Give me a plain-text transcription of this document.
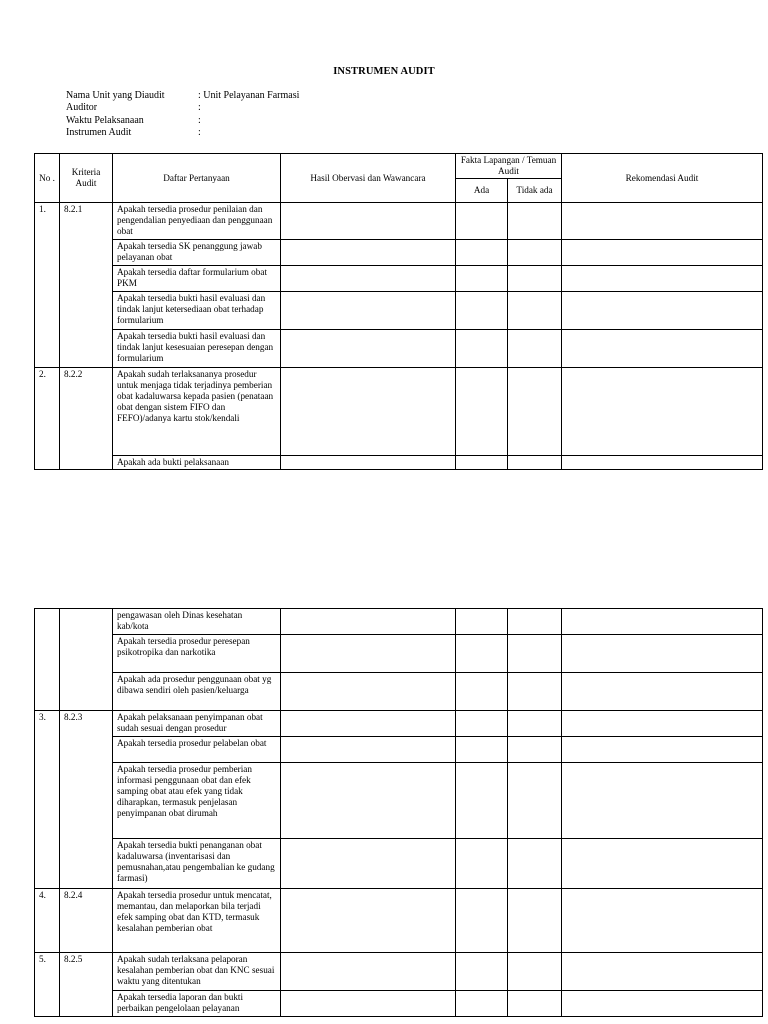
INSTRUMEN AUDIT
Nama Unit yang Diaudit	: Unit Pelayanan Farmasi
Auditor	:
Waktu Pelaksanaan	:
Instrumen Audit	:
No .	Kriteria Audit	Daftar Pertanyaan	Hasil Obervasi dan Wawancara	Fakta Lapangan / Temuan Audit		Rekomendasi Audit
				Ada	Tidak ada	
1.	8.2.1	Apakah tersedia prosedur penilaian dan pengendalian penyediaan dan penggunaan obat				
		Apakah tersedia SK penanggung jawab pelayanan obat				
		Apakah tersedia daftar formularium obat PKM				
		Apakah tersedia bukti hasil evaluasi dan tindak lanjut ketersediaan obat terhadap formularium				
		Apakah tersedia bukti hasil evaluasi dan tindak lanjut kesesuaian peresepan dengan formularium				
2.	8.2.2	Apakah sudah terlaksananya prosedur untuk menjaga tidak terjadinya pemberian obat kadaluwarsa kepada pasien (penataan obat dengan sistem FIFO dan FEFO)/adanya kartu stok/kendali				
		Apakah ada bukti pelaksanaan				
		pengawasan oleh Dinas kesehatan kab/kota				
		Apakah tersedia prosedur peresepan psikotropika dan narkotika				
		Apakah ada prosedur penggunaan obat yg dibawa sendiri oleh pasien/keluarga				
3.	8.2.3	Apakah pelaksanaan penyimpanan obat sudah sesuai dengan prosedur				
		Apakah tersedia prosedur pelabelan obat				
		Apakah tersedia prosedur pemberian informasi penggunaan obat dan efek samping obat atau efek yang tidak diharapkan, termasuk penjelasan penyimpanan obat dirumah				
		Apakah tersedia bukti penanganan obat kadaluwarsa (inventarisasi dan pemusnahan,atau pengembalian ke gudang farmasi)				
4.	8.2.4	Apakah tersedia prosedur untuk mencatat, memantau, dan melaporkan bila terjadi efek samping obat dan KTD, termasuk kesalahan pemberian obat				
5.	8.2.5	Apakah sudah terlaksana pelaporan kesalahan pemberian obat dan KNC sesuai waktu yang ditentukan				
		Apakah tersedia laporan dan bukti perbaikan pengelolaan pelayanan				
